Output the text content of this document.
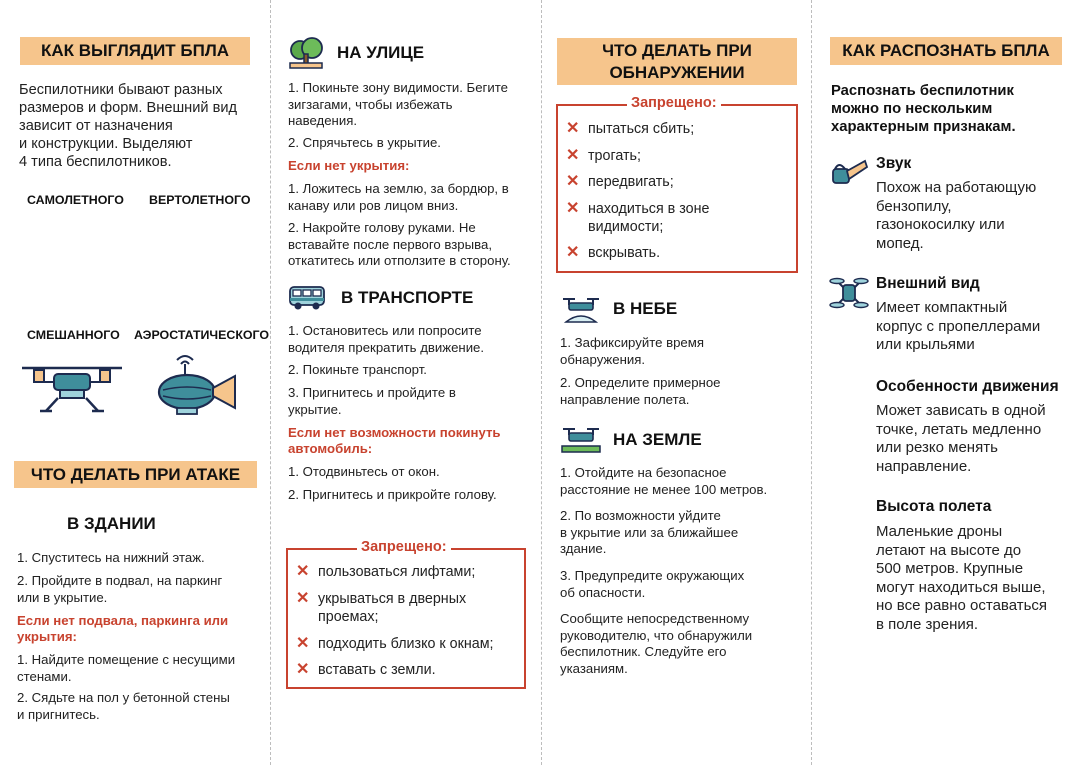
КАК ВЫГЛЯДИТ БПЛА
Беспилотники бывают разных
размеров и форм. Внешний вид
зависит от назначения
и конструкции. Выделяют
4 типа беспилотников.
САМОЛЕТНОГО ВЕРТОЛЕТНОГО
СМЕШАННОГО АЭРОСТАТИЧЕСКОГО
ЧТО ДЕЛАТЬ ПРИ АТАКЕ
В ЗДАНИИ
1. Спуститесь на нижний этаж.
2. Пройдите в подвал, на паркинг
или в укрытие.
Если нет подвала, паркинга или
укрытия:
1. Найдите помещение с несущими
стенами.
2. Сядьте на пол у бетонной стены
и пригнитесь.
НА УЛИЦЕ
1. Покиньте зону видимости. Бегите
зигзагами, чтобы избежать
наведения.
2. Спрячьтесь в укрытие.
Если нет укрытия:
1. Ложитесь на землю, за бордюр, в
канаву или ров лицом вниз.
2. Накройте голову руками. Не
вставайте после первого взрыва,
откатитесь или отползите в сторону.
В ТРАНСПОРТЕ
1. Остановитесь или попросите
водителя прекратить движение.
2. Покиньте транспорт.
3. Пригнитесь и пройдите в
укрытие.
Если нет возможности покинуть
автомобиль:
1. Отодвиньтесь от окон.
2. Пригнитесь и прикройте голову.
Запрещено:
✕ пользоваться лифтами;
✕ укрываться в дверных
проемах;
✕ подходить близко к окнам;
✕ вставать с земли.
ЧТО ДЕЛАТЬ ПРИ
ОБНАРУЖЕНИИ
Запрещено:
✕ пытаться сбить;
✕ трогать;
✕ передвигать;
✕ находиться в зоне
видимости;
✕ вскрывать.
В НЕБЕ
1. Зафиксируйте время
обнаружения.
2. Определите примерное
направление полета.
НА ЗЕМЛЕ
1. Отойдите на безопасное
расстояние не менее 100 метров.
2. По возможности уйдите
в укрытие или за ближайшее
здание.
3. Предупредите окружающих
об опасности.
Сообщите непосредственному
руководителю, что обнаружили
беспилотник. Следуйте его
указаниям.
КАК РАСПОЗНАТЬ БПЛА
Распознать беспилотник
можно по нескольким
характерным признакам.
Звук
Похож на работающую
бензопилу,
газонокосилку или
мопед.
Внешний вид
Имеет компактный
корпус с пропеллерами
или крыльями
Особенности движения
Может зависать в одной
точке, летать медленно
или резко менять
направление.
Высота полета
Маленькие дроны
летают на высоте до
500 метров. Крупные
могут находиться выше,
но все равно оставаться
в поле зрения.
